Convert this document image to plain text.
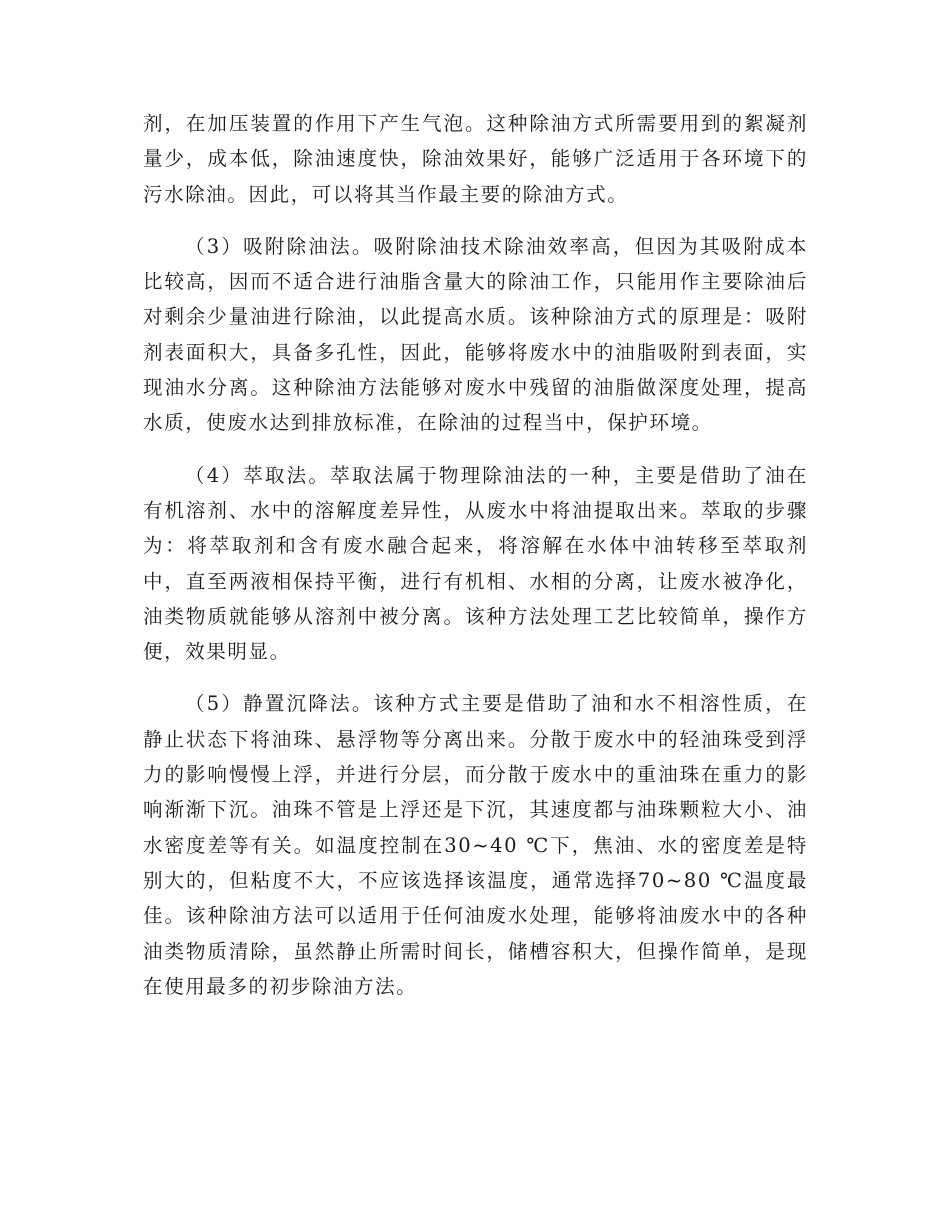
剂，在加压装置的作用下产生气泡。这种除油方式所需要用到的絮凝剂量少，成本低，除油速度快，除油效果好，能够广泛适用于各环境下的污水除油。因此，可以将其当作最主要的除油方式。

（3）吸附除油法。吸附除油技术除油效率高，但因为其吸附成本比较高，因而不适合进行油脂含量大的除油工作，只能用作主要除油后对剩余少量油进行除油，以此提高水质。该种除油方式的原理是：吸附剂表面积大，具备多孔性，因此，能够将废水中的油脂吸附到表面，实现油水分离。这种除油方法能够对废水中残留的油脂做深度处理，提高水质，使废水达到排放标准，在除油的过程当中，保护环境。

（4）萃取法。萃取法属于物理除油法的一种，主要是借助了油在有机溶剂、水中的溶解度差异性，从废水中将油提取出来。萃取的步骤为：将萃取剂和含有废水融合起来，将溶解在水体中油转移至萃取剂中，直至两液相保持平衡，进行有机相、水相的分离，让废水被净化，油类物质就能够从溶剂中被分离。该种方法处理工艺比较简单，操作方便，效果明显。

（5）静置沉降法。该种方式主要是借助了油和水不相溶性质，在静止状态下将油珠、悬浮物等分离出来。分散于废水中的轻油珠受到浮力的影响慢慢上浮，并进行分层，而分散于废水中的重油珠在重力的影响渐渐下沉。油珠不管是上浮还是下沉，其速度都与油珠颗粒大小、油水密度差等有关。如温度控制在30~40 ℃下，焦油、水的密度差是特别大的，但粘度不大，不应该选择该温度，通常选择70~80 ℃温度最佳。该种除油方法可以适用于任何油废水处理，能够将油废水中的各种油类物质清除，虽然静止所需时间长，储槽容积大，但操作简单，是现在使用最多的初步除油方法。
